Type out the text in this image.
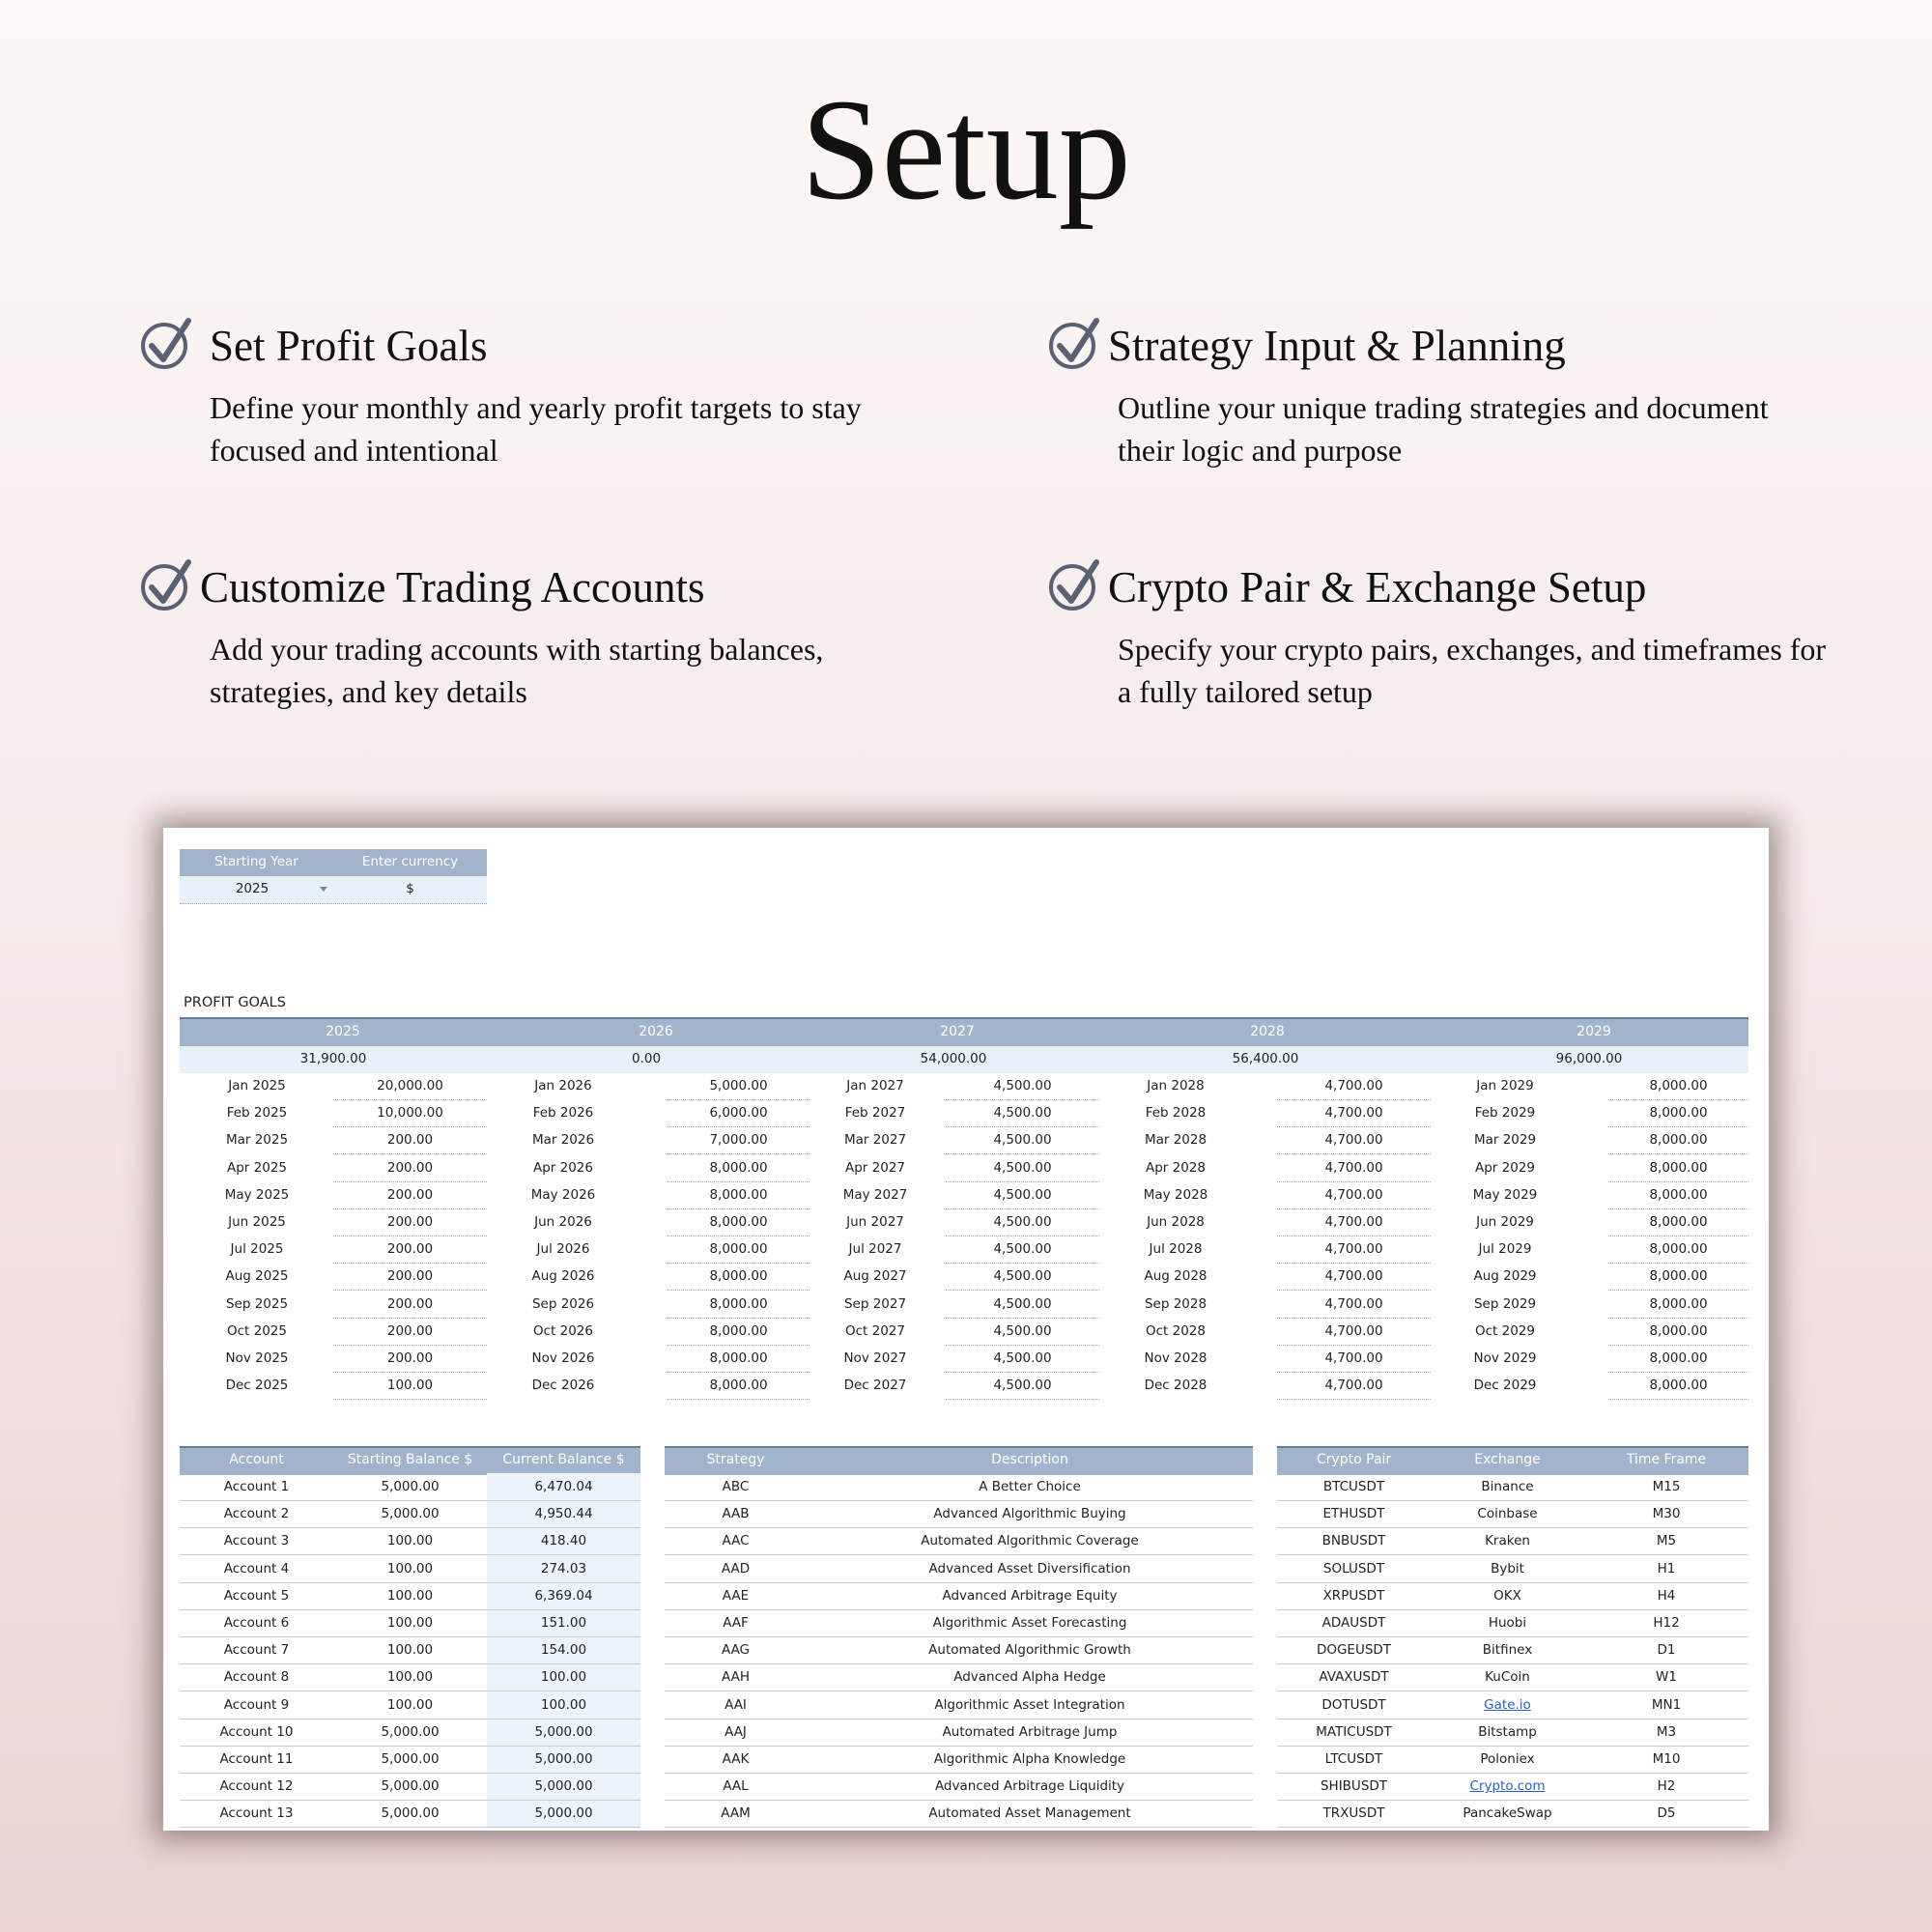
Setup
Set Profit Goals
Define your monthly and yearly profit targets to stay focused and intentional
Strategy Input & Planning
Outline your unique trading strategies and document their logic and purpose
Customize Trading Accounts
Add your trading accounts with starting balances, strategies, and key details
Crypto Pair & Exchange Setup
Specify your crypto pairs, exchanges, and timeframes for a fully tailored setup
Starting Year	Enter currency
2025	$
PROFIT GOALS
2025
31,900.00
Jan 2025	20,000.00
Feb 2025	10,000.00
Mar 2025	200.00
Apr 2025	200.00
May 2025	200.00
Jun 2025	200.00
Jul 2025	200.00
Aug 2025	200.00
Sep 2025	200.00
Oct 2025	200.00
Nov 2025	200.00
Dec 2025	100.00
2026
0.00
Jan 2026	5,000.00
Feb 2026	6,000.00
Mar 2026	7,000.00
Apr 2026	8,000.00
May 2026	8,000.00
Jun 2026	8,000.00
Jul 2026	8,000.00
Aug 2026	8,000.00
Sep 2026	8,000.00
Oct 2026	8,000.00
Nov 2026	8,000.00
Dec 2026	8,000.00
2027
54,000.00
Jan 2027	4,500.00
Feb 2027	4,500.00
Mar 2027	4,500.00
Apr 2027	4,500.00
May 2027	4,500.00
Jun 2027	4,500.00
Jul 2027	4,500.00
Aug 2027	4,500.00
Sep 2027	4,500.00
Oct 2027	4,500.00
Nov 2027	4,500.00
Dec 2027	4,500.00
2028
56,400.00
Jan 2028	4,700.00
Feb 2028	4,700.00
Mar 2028	4,700.00
Apr 2028	4,700.00
May 2028	4,700.00
Jun 2028	4,700.00
Jul 2028	4,700.00
Aug 2028	4,700.00
Sep 2028	4,700.00
Oct 2028	4,700.00
Nov 2028	4,700.00
Dec 2028	4,700.00
2029
96,000.00
Jan 2029	8,000.00
Feb 2029	8,000.00
Mar 2029	8,000.00
Apr 2029	8,000.00
May 2029	8,000.00
Jun 2029	8,000.00
Jul 2029	8,000.00
Aug 2029	8,000.00
Sep 2029	8,000.00
Oct 2029	8,000.00
Nov 2029	8,000.00
Dec 2029	8,000.00
Account	Starting Balance $	Current Balance $
Account 1	5,000.00	6,470.04
Account 2	5,000.00	4,950.44
Account 3	100.00	418.40
Account 4	100.00	274.03
Account 5	100.00	6,369.04
Account 6	100.00	151.00
Account 7	100.00	154.00
Account 8	100.00	100.00
Account 9	100.00	100.00
Account 10	5,000.00	5,000.00
Account 11	5,000.00	5,000.00
Account 12	5,000.00	5,000.00
Account 13	5,000.00	5,000.00
Strategy	Description
ABC	A Better Choice
AAB	Advanced Algorithmic Buying
AAC	Automated Algorithmic Coverage
AAD	Advanced Asset Diversification
AAE	Advanced Arbitrage Equity
AAF	Algorithmic Asset Forecasting
AAG	Automated Algorithmic Growth
AAH	Advanced Alpha Hedge
AAI	Algorithmic Asset Integration
AAJ	Automated Arbitrage Jump
AAK	Algorithmic Alpha Knowledge
AAL	Advanced Arbitrage Liquidity
AAM	Automated Asset Management
Crypto Pair	Exchange	Time Frame
BTCUSDT	Binance	M15
ETHUSDT	Coinbase	M30
BNBUSDT	Kraken	M5
SOLUSDT	Bybit	H1
XRPUSDT	OKX	H4
ADAUSDT	Huobi	H12
DOGEUSDT	Bitfinex	D1
AVAXUSDT	KuCoin	W1
DOTUSDT	Gate.io	MN1
MATICUSDT	Bitstamp	M3
LTCUSDT	Poloniex	M10
SHIBUSDT	Crypto.com	H2
TRXUSDT	PancakeSwap	D5
